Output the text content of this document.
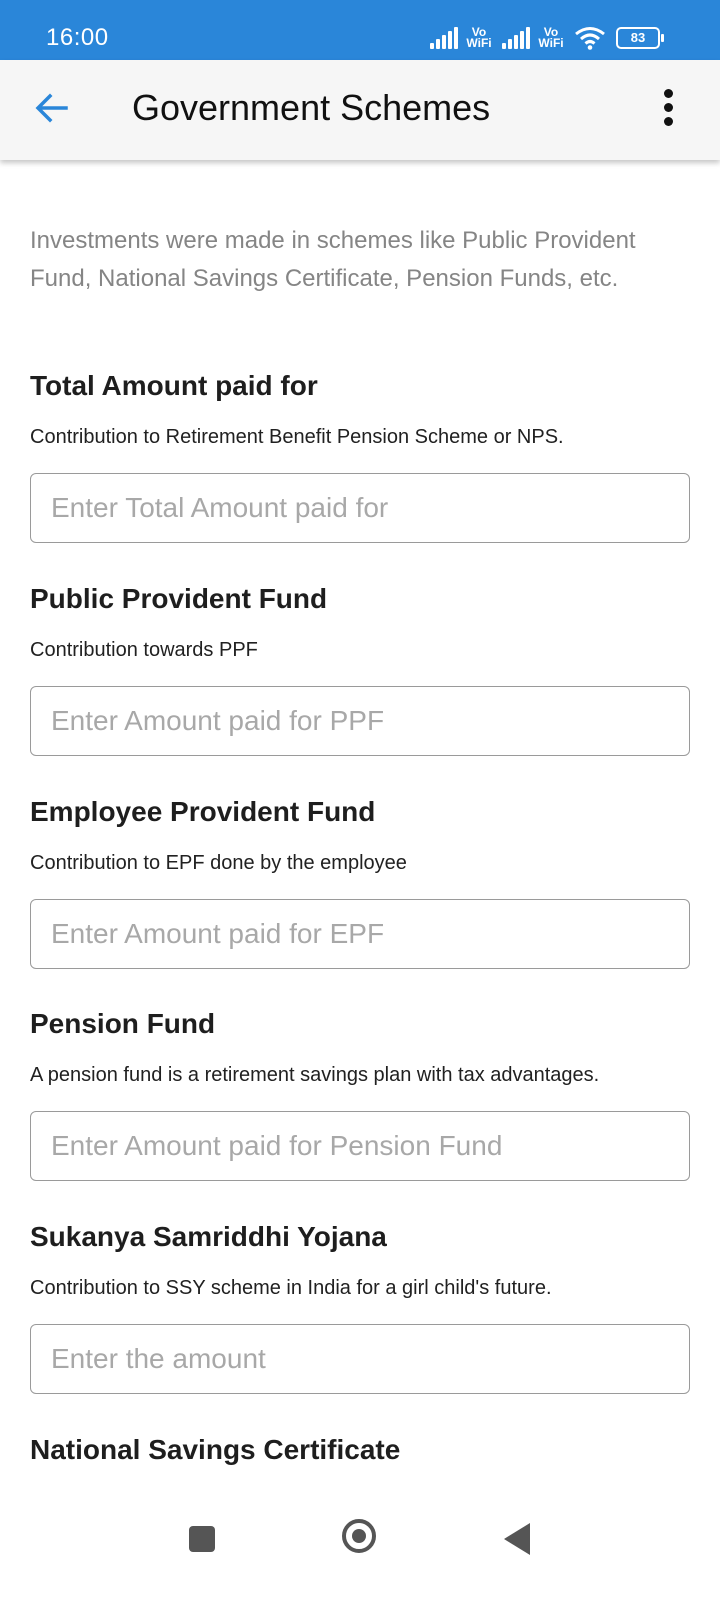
16:00	Vo
WiFi
Vo
WiFi	83
Government Schemes

Investments were made in schemes like Public Provident Fund, National Savings Certificate, Pension Funds, etc.

Total Amount paid for

Contribution to Retirement Benefit Pension Scheme or NPS.

Enter Total Amount paid for
Public Provident Fund

Contribution towards PPF

Enter Amount paid for PPF
Employee Provident Fund

Contribution to EPF done by the employee

Enter Amount paid for EPF
Pension Fund

A pension fund is a retirement savings plan with tax advantages.

Enter Amount paid for Pension Fund
Sukanya Samriddhi Yojana

Contribution to SSY scheme in India for a girl child's future.

Enter the amount
National Savings Certificate
